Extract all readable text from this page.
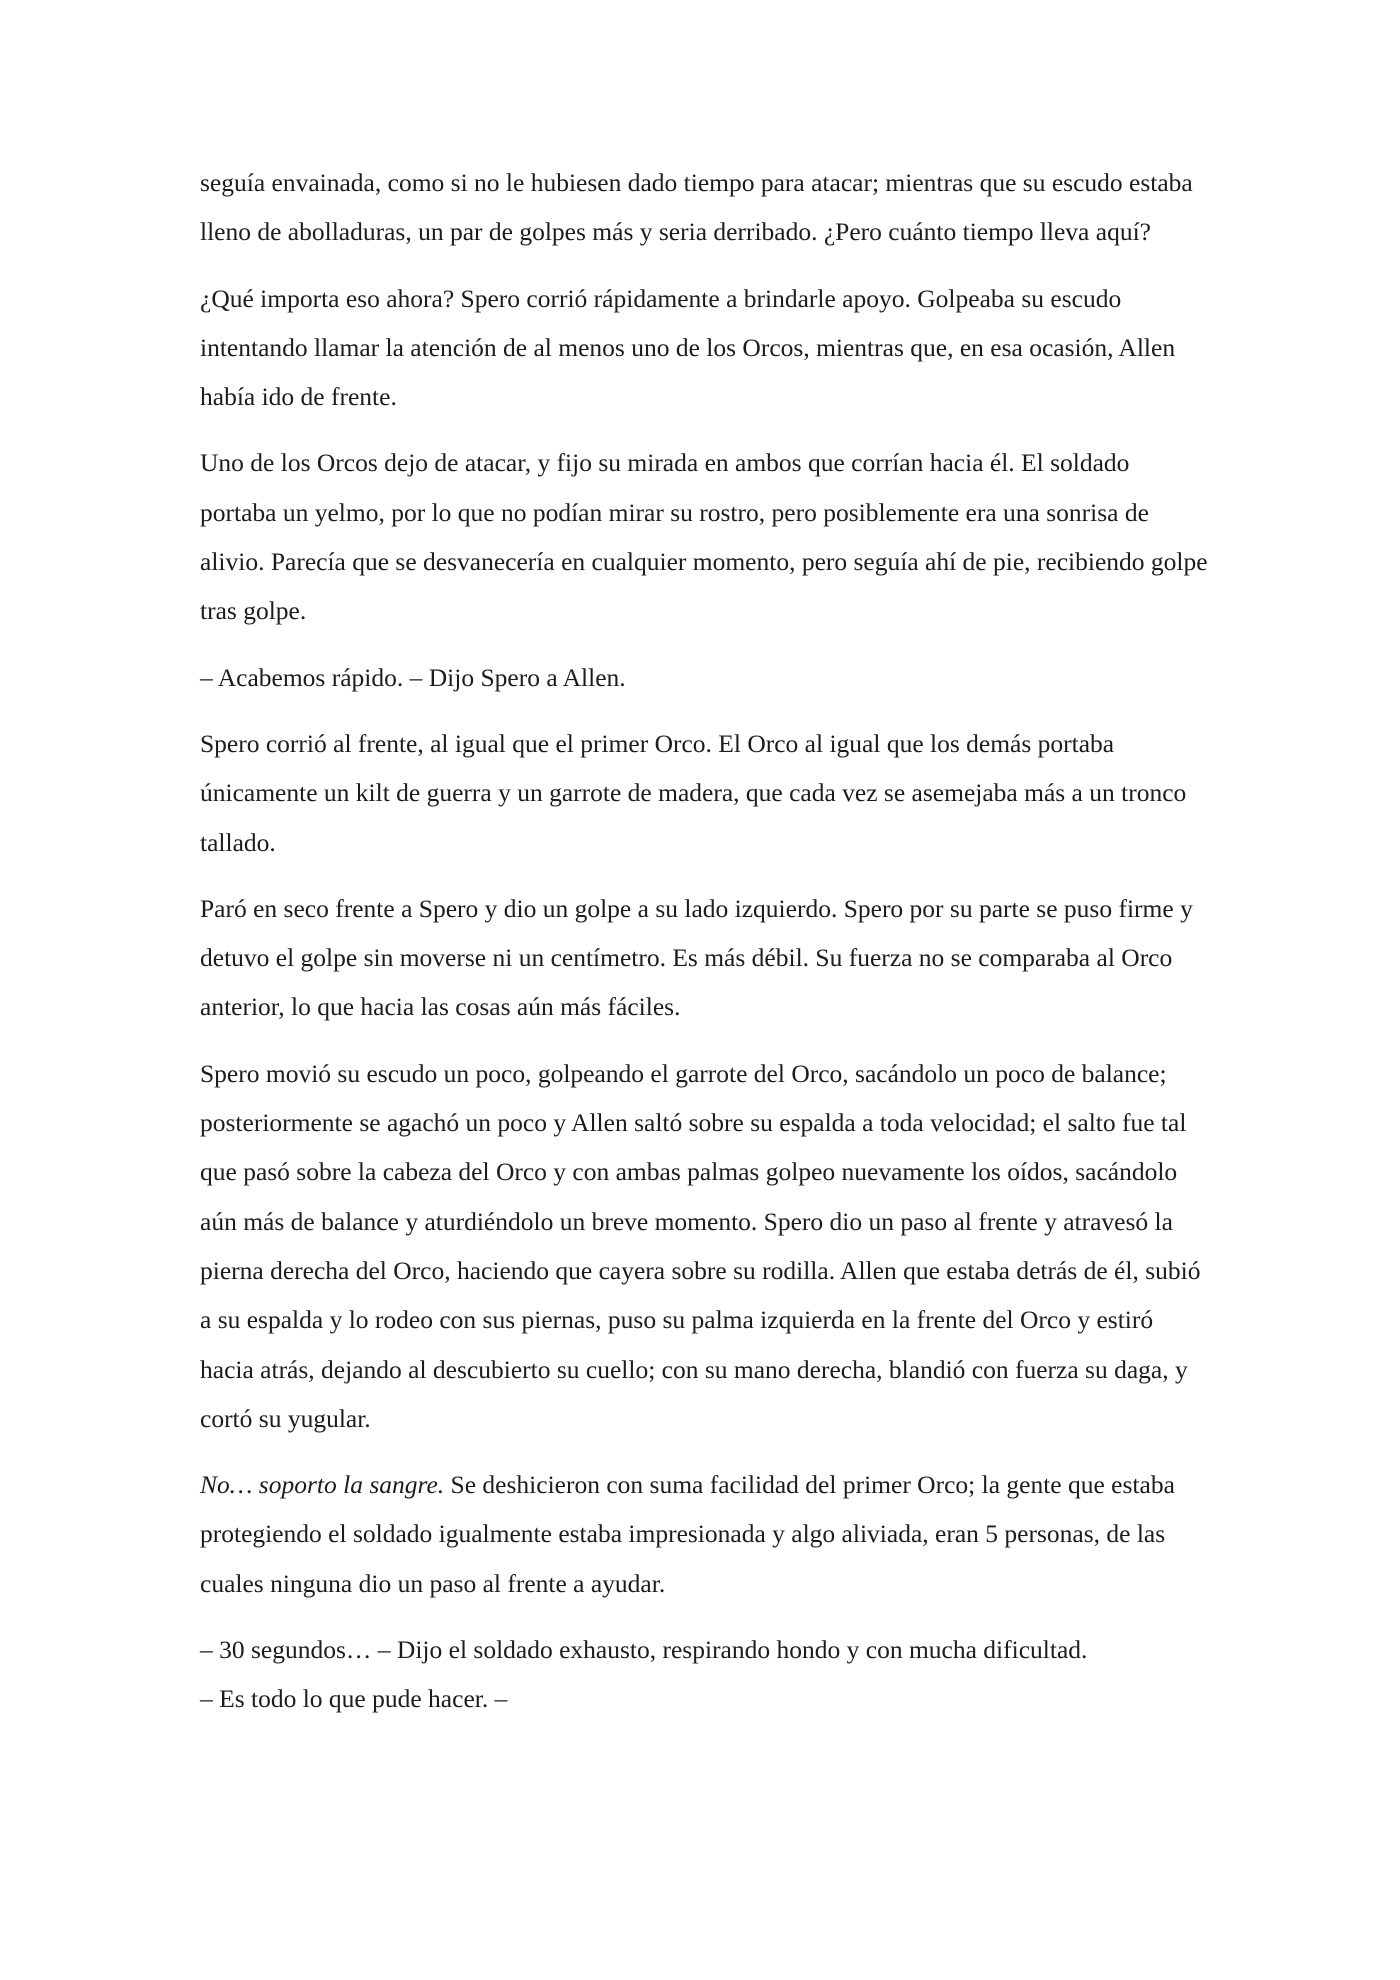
seguía envainada, como si no le hubiesen dado tiempo para atacar; mientras que su escudo estaba lleno de abolladuras, un par de golpes más y seria derribado. ¿Pero cuánto tiempo lleva aquí?

¿Qué importa eso ahora? Spero corrió rápidamente a brindarle apoyo. Golpeaba su escudo intentando llamar la atención de al menos uno de los Orcos, mientras que, en esa ocasión, Allen había ido de frente.

Uno de los Orcos dejo de atacar, y fijo su mirada en ambos que corrían hacia él. El soldado portaba un yelmo, por lo que no podían mirar su rostro, pero posiblemente era una sonrisa de alivio. Parecía que se desvanecería en cualquier momento, pero seguía ahí de pie, recibiendo golpe tras golpe.

– Acabemos rápido. – Dijo Spero a Allen.

Spero corrió al frente, al igual que el primer Orco. El Orco al igual que los demás portaba únicamente un kilt de guerra y un garrote de madera, que cada vez se asemejaba más a un tronco tallado.

Paró en seco frente a Spero y dio un golpe a su lado izquierdo. Spero por su parte se puso firme y detuvo el golpe sin moverse ni un centímetro. Es más débil. Su fuerza no se comparaba al Orco anterior, lo que hacia las cosas aún más fáciles.

Spero movió su escudo un poco, golpeando el garrote del Orco, sacándolo un poco de balance; posteriormente se agachó un poco y Allen saltó sobre su espalda a toda velocidad; el salto fue tal que pasó sobre la cabeza del Orco y con ambas palmas golpeo nuevamente los oídos, sacándolo aún más de balance y aturdiéndolo un breve momento. Spero dio un paso al frente y atravesó la pierna derecha del Orco, haciendo que cayera sobre su rodilla. Allen que estaba detrás de él, subió a su espalda y lo rodeo con sus piernas, puso su palma izquierda en la frente del Orco y estiró hacia atrás, dejando al descubierto su cuello; con su mano derecha, blandió con fuerza su daga, y cortó su yugular.

No… soporto la sangre. Se deshicieron con suma facilidad del primer Orco; la gente que estaba protegiendo el soldado igualmente estaba impresionada y algo aliviada, eran 5 personas, de las cuales ninguna dio un paso al frente a ayudar.

– 30 segundos… – Dijo el soldado exhausto, respirando hondo y con mucha dificultad.

– Es todo lo que pude hacer. –
